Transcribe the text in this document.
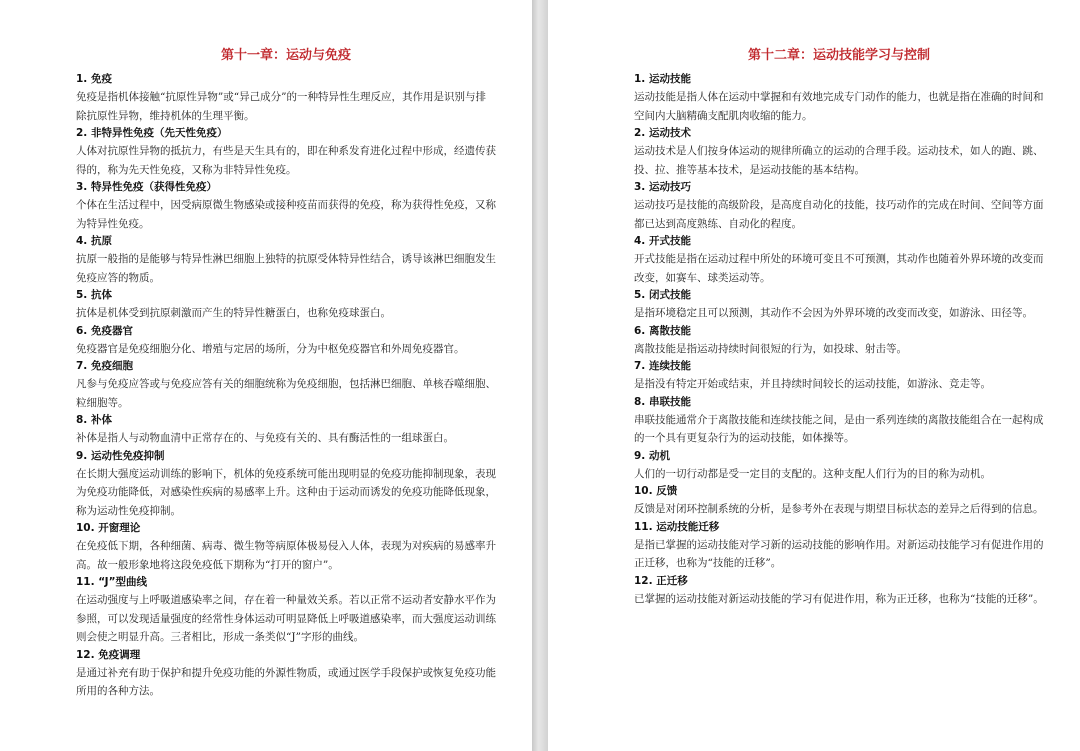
第十一章：运动与免疫
1. 免疫

免疫是指机体接触“抗原性异物”或“异己成分”的一种特异性生理反应，其作用是识别与排除抗原性异物，维持机体的生理平衡。

2. 非特异性免疫（先天性免疫）

人体对抗原性异物的抵抗力，有些是天生具有的，即在种系发育进化过程中形成，经遗传获得的，称为先天性免疫，又称为非特异性免疫。

3. 特异性免疫（获得性免疫）

个体在生活过程中，因受病原微生物感染或接种疫苗而获得的免疫，称为获得性免疫，又称为特异性免疫。

4. 抗原

抗原一般指的是能够与特异性淋巴细胞上独特的抗原受体特异性结合，诱导该淋巴细胞发生免疫应答的物质。

5. 抗体

抗体是机体受到抗原刺激而产生的特异性糖蛋白，也称免疫球蛋白。

6. 免疫器官

免疫器官是免疫细胞分化、增殖与定居的场所，分为中枢免疫器官和外周免疫器官。

7. 免疫细胞

凡参与免疫应答或与免疫应答有关的细胞统称为免疫细胞，包括淋巴细胞、单核吞噬细胞、粒细胞等。

8. 补体

补体是指人与动物血清中正常存在的、与免疫有关的、具有酶活性的一组球蛋白。

9. 运动性免疫抑制

在长期大强度运动训练的影响下，机体的免疫系统可能出现明显的免疫功能抑制现象，表现为免疫功能降低，对感染性疾病的易感率上升。这种由于运动而诱发的免疫功能降低现象，称为运动性免疫抑制。

10. 开窗理论

在免疫低下期，各种细菌、病毒、微生物等病原体极易侵入人体，表现为对疾病的易感率升高。故一般形象地将这段免疫低下期称为“打开的窗户”。

11. “J”型曲线

在运动强度与上呼吸道感染率之间，存在着一种量效关系。若以正常不运动者安静水平作为参照，可以发现适量强度的经常性身体运动可明显降低上呼吸道感染率，而大强度运动训练则会使之明显升高。三者相比，形成一条类似“J”字形的曲线。

12. 免疫调理

是通过补充有助于保护和提升免疫功能的外源性物质，或通过医学手段保护或恢复免疫功能所用的各种方法。

第十二章：运动技能学习与控制
1. 运动技能

运动技能是指人体在运动中掌握和有效地完成专门动作的能力，也就是指在准确的时间和空间内大脑精确支配肌肉收缩的能力。

2. 运动技术

运动技术是人们按身体运动的规律所确立的运动的合理手段。运动技术，如人的跑、跳、投、拉、推等基本技术，是运动技能的基本结构。

3. 运动技巧

运动技巧是技能的高级阶段，是高度自动化的技能，技巧动作的完成在时间、空间等方面都已达到高度熟练、自动化的程度。

4. 开式技能

开式技能是指在运动过程中所处的环境可变且不可预测，其动作也随着外界环境的改变而改变，如赛车、球类运动等。

5. 闭式技能

是指环境稳定且可以预测，其动作不会因为外界环境的改变而改变，如游泳、田径等。

6. 离散技能

离散技能是指运动持续时间很短的行为，如投球、射击等。

7. 连续技能

是指没有特定开始或结束，并且持续时间较长的运动技能，如游泳、竞走等。

8. 串联技能

串联技能通常介于离散技能和连续技能之间，是由一系列连续的离散技能组合在一起构成的一个具有更复杂行为的运动技能，如体操等。

9. 动机

人们的一切行动都是受一定目的支配的。这种支配人们行为的目的称为动机。

10. 反馈

反馈是对闭环控制系统的分析，是参考外在表现与期望目标状态的差异之后得到的信息。

11. 运动技能迁移

是指已掌握的运动技能对学习新的运动技能的影响作用。对新运动技能学习有促进作用的正迁移，也称为“技能的迁移”。

12. 正迁移

已掌握的运动技能对新运动技能的学习有促进作用，称为正迁移，也称为“技能的迁移”。
